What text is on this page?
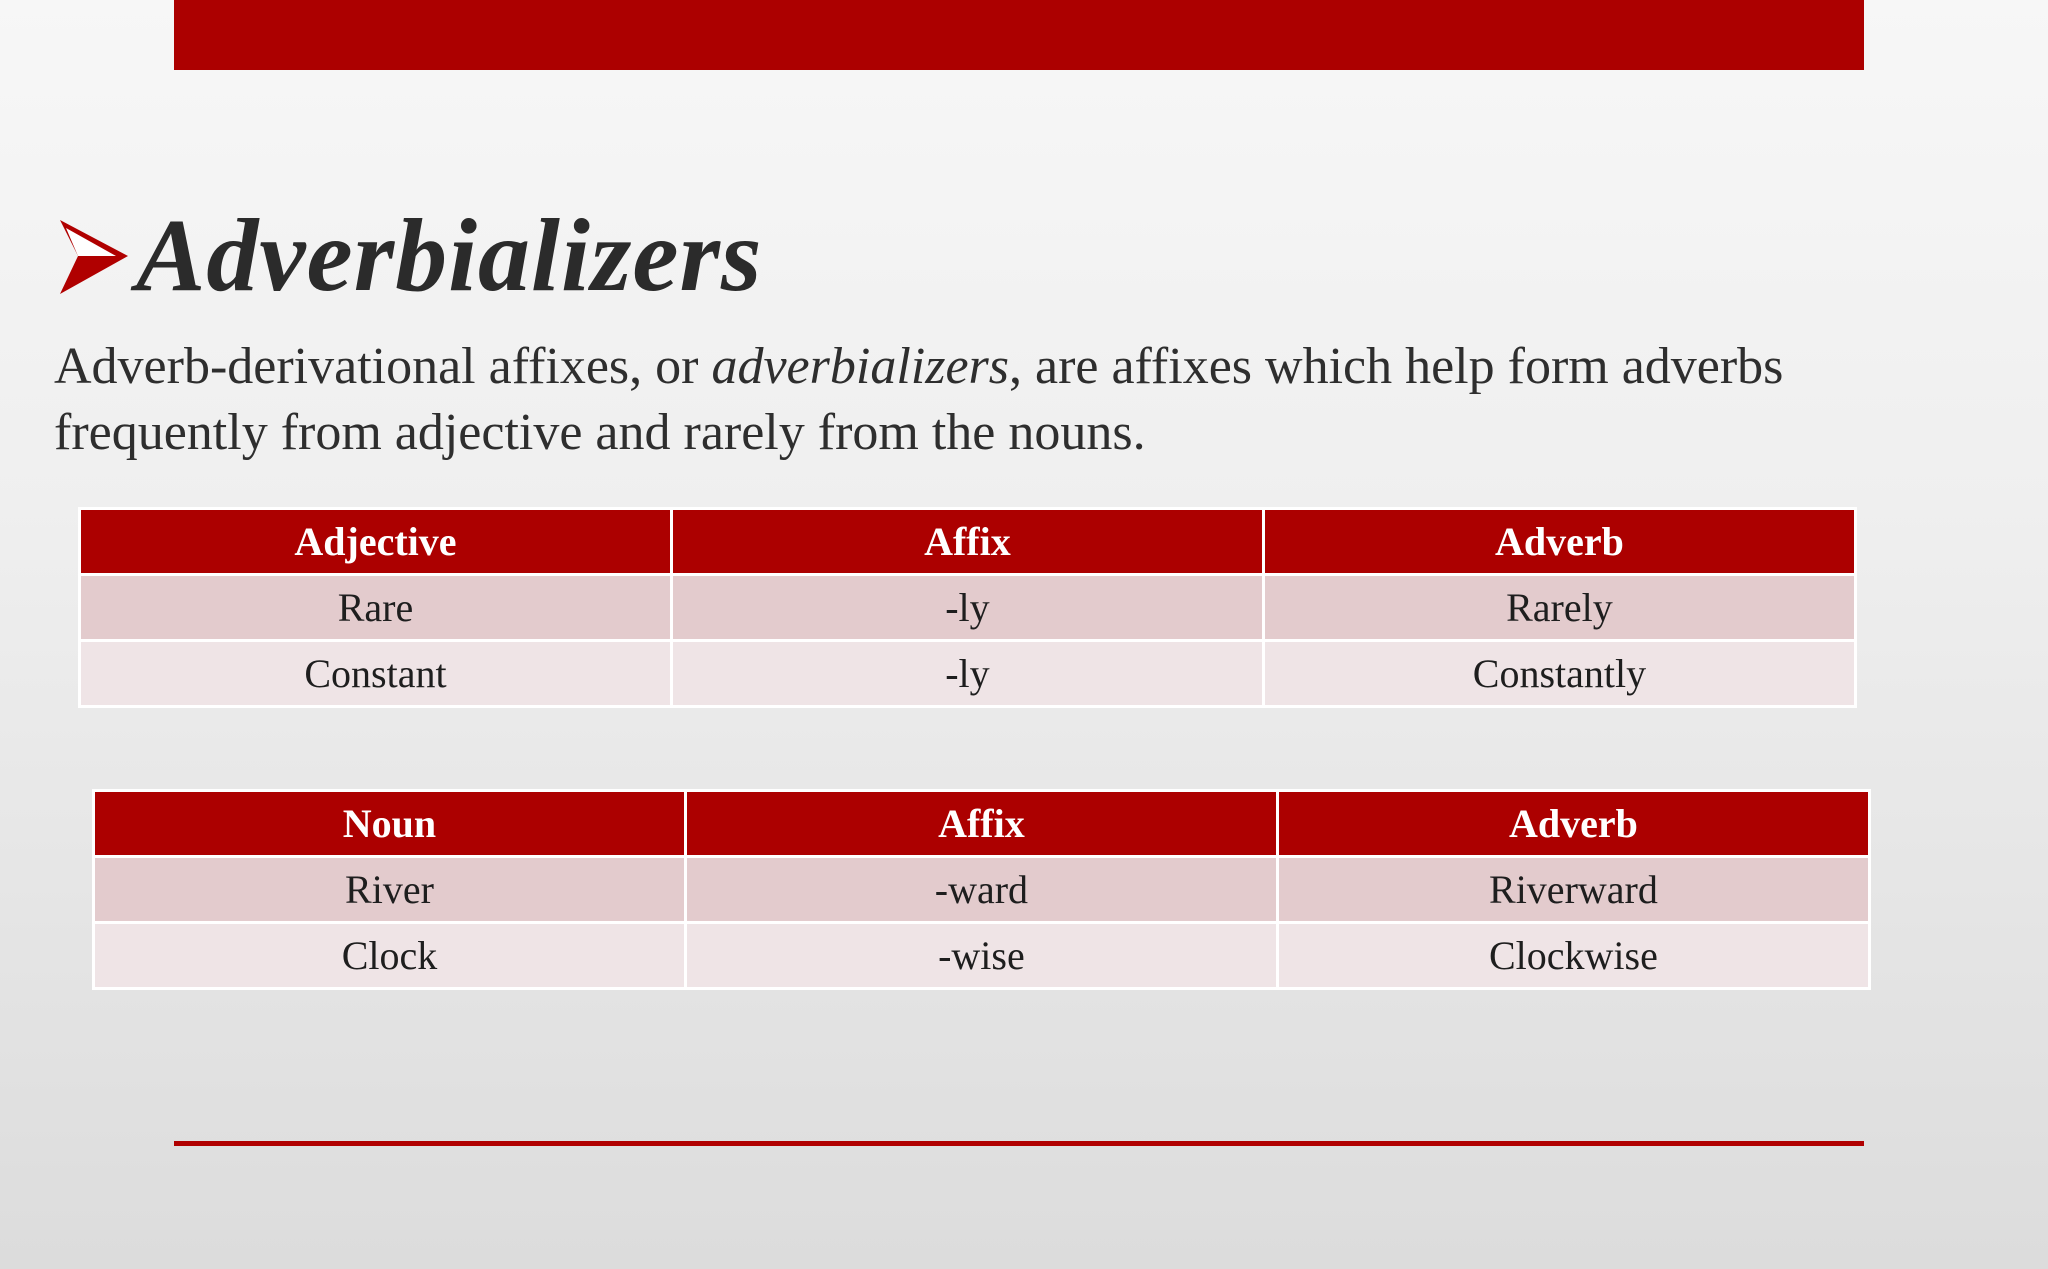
Adverbializers

Adverb-derivational affixes, or adverbializers, are affixes which help form adverbs frequently from adjective and rarely from the nouns.

Adjective	Affix	Adverb
Rare	-ly	Rarely
Constant	-ly	Constantly
Noun	Affix	Adverb
River	-ward	Riverward
Clock	-wise	Clockwise
